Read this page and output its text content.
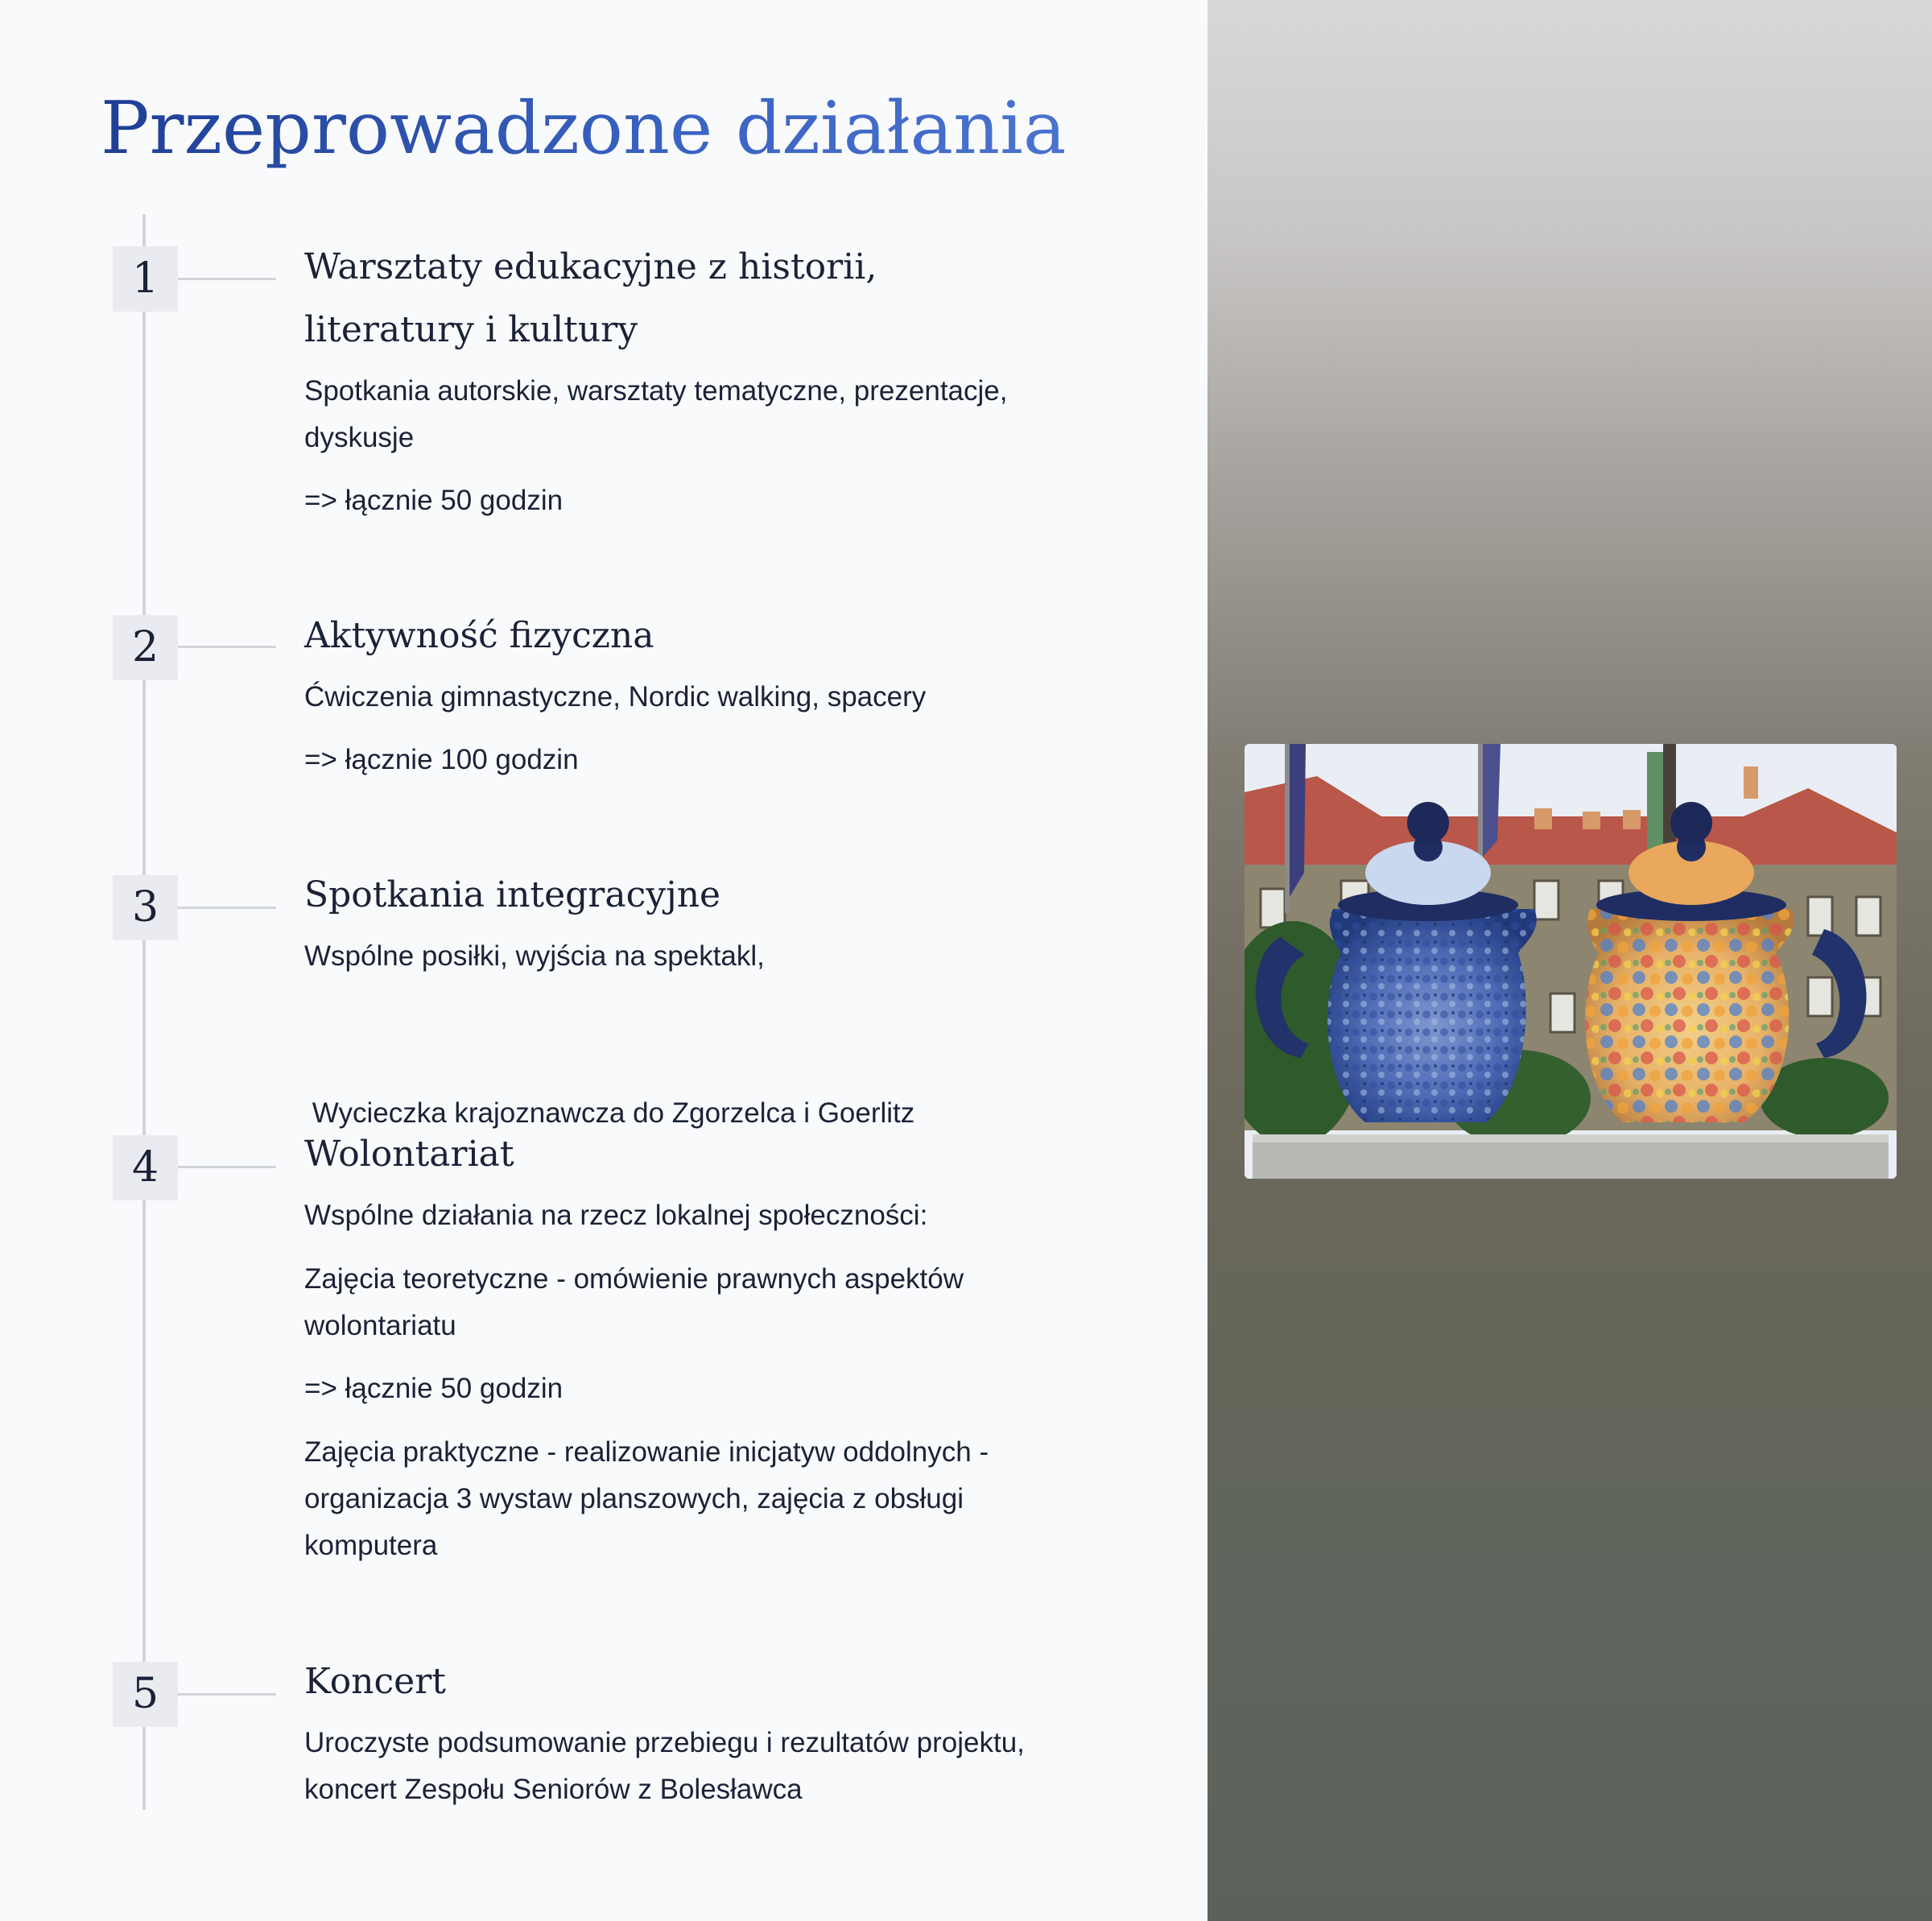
Przeprowadzone działania
1	Warsztaty edukacyjne z historii,
literatury i kultury
Spotkania autorskie, warsztaty tematyczne, prezentacje,
dyskusje
=> łącznie 50 godzin
2	Aktywność fizyczna
Ćwiczenia gimnastyczne, Nordic walking, spacery
=> łącznie 100 godzin
3	Spotkania integracyjne
Wspólne posiłki, wyjścia na spektakl,

Wycieczka krajoznawcza do Zgorzelca i Goerlitz

4	Wolontariat
Wspólne działania na rzecz lokalnej społeczności:
Zajęcia teoretyczne - omówienie prawnych aspektów
wolontariatu
=> łącznie 50 godzin
Zajęcia praktyczne - realizowanie inicjatyw oddolnych -
organizacja 3 wystaw planszowych, zajęcia z obsługi
komputera
5	Koncert
Uroczyste podsumowanie przebiegu i rezultatów projektu,
koncert Zespołu Seniorów z Bolesławca
